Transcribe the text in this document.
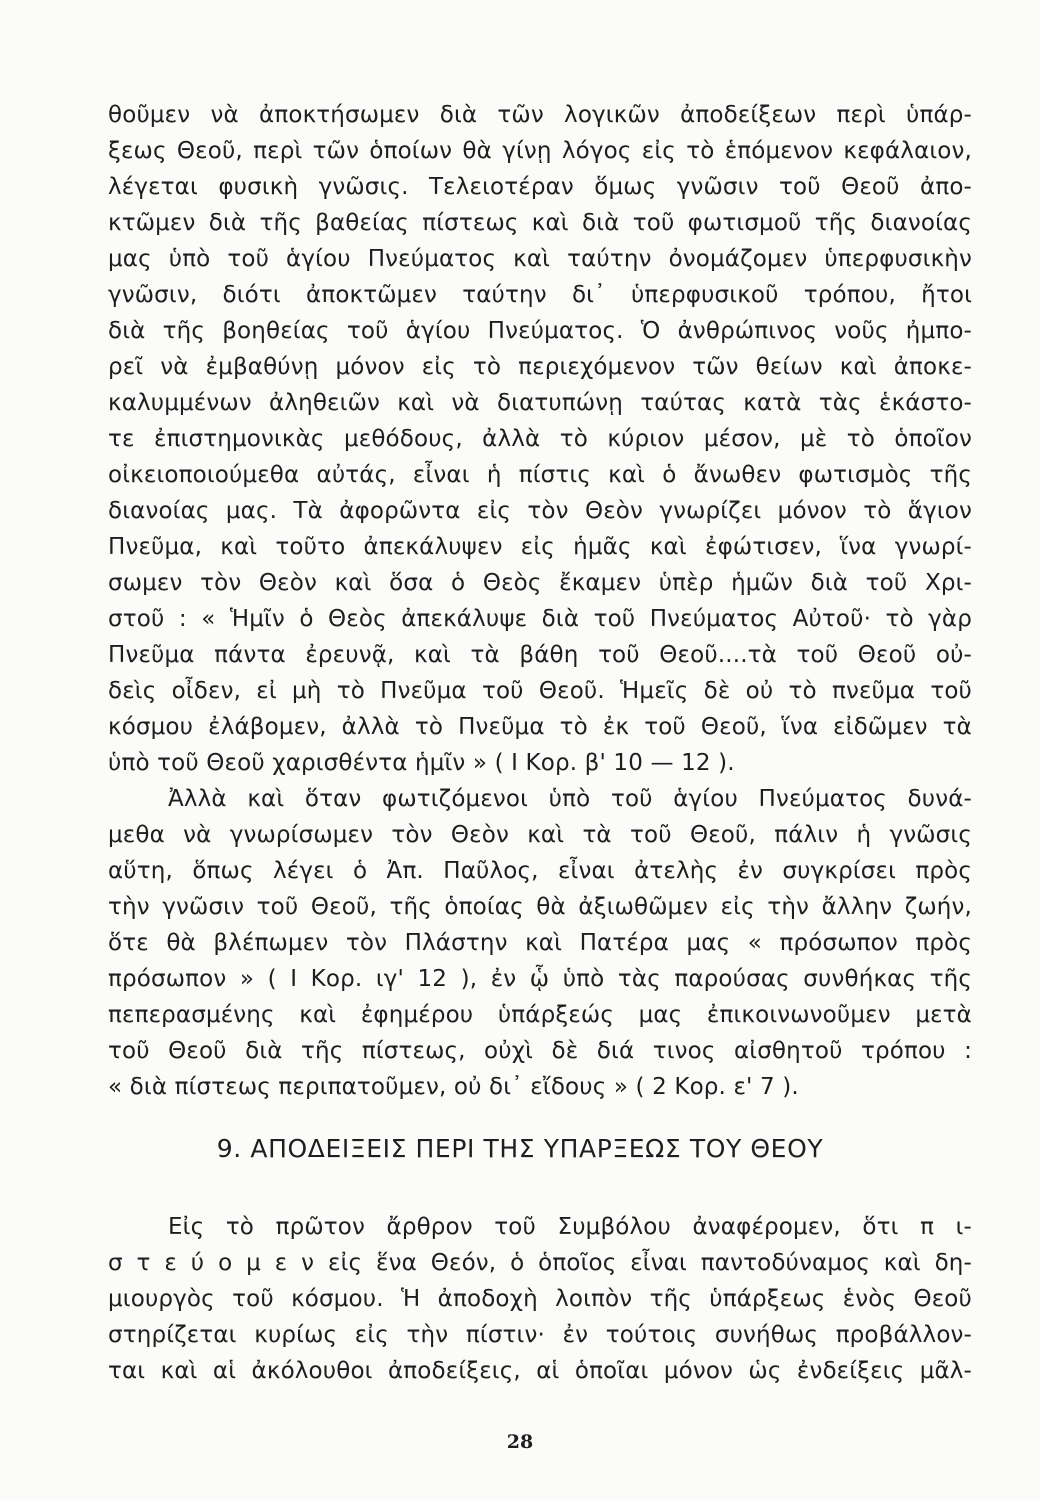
θοῦμεν νὰ ἀποκτήσωμεν διὰ τῶν λογικῶν ἀποδείξεων περὶ ὑπάρ-
ξεως Θεοῦ, περὶ τῶν ὁποίων θὰ γίνῃ λόγος εἰς τὸ ἑπόμενον κεφάλαιον,
λέγεται φυσικὴ γνῶσις. Τελειοτέραν ὅμως γνῶσιν τοῦ Θεοῦ ἀπο-
κτῶμεν διὰ τῆς βαθείας πίστεως καὶ διὰ τοῦ φωτισμοῦ τῆς διανοίας
μας ὑπὸ τοῦ ἁγίου Πνεύματος καὶ ταύτην ὀνομάζομεν ὑπερφυσικὴν
γνῶσιν, διότι ἀποκτῶμεν ταύτην δι᾽ ὑπερφυσικοῦ τρόπου, ἤτοι
διὰ τῆς βοηθείας τοῦ ἁγίου Πνεύματος. Ὁ ἀνθρώπινος νοῦς ἠμπο-
ρεῖ νὰ ἐμβαθύνῃ μόνον εἰς τὸ περιεχόμενον τῶν θείων καὶ ἀποκε-
καλυμμένων ἀληθειῶν καὶ νὰ διατυπώνῃ ταύτας κατὰ τὰς ἑκάστο-
τε ἐπιστημονικὰς μεθόδους, ἀλλὰ τὸ κύριον μέσον, μὲ τὸ ὁποῖον
οἰκειοποιούμεθα αὐτάς, εἶναι ἡ πίστις καὶ ὁ ἄνωθεν φωτισμὸς τῆς
διανοίας μας. Τὰ ἀφορῶντα εἰς τὸν Θεὸν γνωρίζει μόνον τὸ ἅγιον
Πνεῦμα, καὶ τοῦτο ἀπεκάλυψεν εἰς ἡμᾶς καὶ ἐφώτισεν, ἵνα γνωρί-
σωμεν τὸν Θεὸν καὶ ὅσα ὁ Θεὸς ἔκαμεν ὑπὲρ ἡμῶν διὰ τοῦ Χρι-
στοῦ : « Ἡμῖν ὁ Θεὸς ἀπεκάλυψε διὰ τοῦ Πνεύματος Αὐτοῦ· τὸ γὰρ
Πνεῦμα πάντα ἐρευνᾷ, καὶ τὰ βάθη τοῦ Θεοῦ....τὰ τοῦ Θεοῦ οὐ-
δεὶς οἶδεν, εἰ μὴ τὸ Πνεῦμα τοῦ Θεοῦ. Ἡμεῖς δὲ οὐ τὸ πνεῦμα τοῦ
κόσμου ἐλάβομεν, ἀλλὰ τὸ Πνεῦμα τὸ ἐκ τοῦ Θεοῦ, ἵνα εἰδῶμεν τὰ
ὑπὸ τοῦ Θεοῦ χαρισθέντα ἡμῖν » ( Ι Κορ. β' 10 — 12 ).
Ἀλλὰ καὶ ὅταν φωτιζόμενοι ὑπὸ τοῦ ἁγίου Πνεύματος δυνά-
μεθα νὰ γνωρίσωμεν τὸν Θεὸν καὶ τὰ τοῦ Θεοῦ, πάλιν ἡ γνῶσις
αὕτη, ὅπως λέγει ὁ Ἀπ. Παῦλος, εἶναι ἀτελὴς ἐν συγκρίσει πρὸς
τὴν γνῶσιν τοῦ Θεοῦ, τῆς ὁποίας θὰ ἀξιωθῶμεν εἰς τὴν ἄλλην ζωήν,
ὅτε θὰ βλέπωμεν τὸν Πλάστην καὶ Πατέρα μας « πρόσωπον πρὸς
πρόσωπον » ( Ι Κορ. ιγ' 12 ), ἐν ᾧ ὑπὸ τὰς παρούσας συνθήκας τῆς
πεπερασμένης καὶ ἐφημέρου ὑπάρξεώς μας ἐπικοινωνοῦμεν μετὰ
τοῦ Θεοῦ διὰ τῆς πίστεως, οὐχὶ δὲ διά τινος αἰσθητοῦ τρόπου :
« διὰ πίστεως περιπατοῦμεν, οὐ δι᾽ εἴδους » ( 2 Κορ. ε' 7 ).
9. ΑΠΟΔΕΙΞΕΙΣ ΠΕΡΙ ΤΗΣ ΥΠΑΡΞΕΩΣ ΤΟΥ ΘΕΟΥ
Εἰς τὸ πρῶτον ἄρθρον τοῦ Συμβόλου ἀναφέρομεν, ὅτι π ι-
σ τ ε ύ ο μ ε ν εἰς ἕνα Θεόν, ὁ ὁποῖος εἶναι παντοδύναμος καὶ δη-
μιουργὸς τοῦ κόσμου. Ἡ ἀποδοχὴ λοιπὸν τῆς ὑπάρξεως ἑνὸς Θεοῦ
στηρίζεται κυρίως εἰς τὴν πίστιν· ἐν τούτοις συνήθως προβάλλον-
ται καὶ αἱ ἀκόλουθοι ἀποδείξεις, αἱ ὁποῖαι μόνον ὡς ἐνδείξεις μᾶλ-
28
